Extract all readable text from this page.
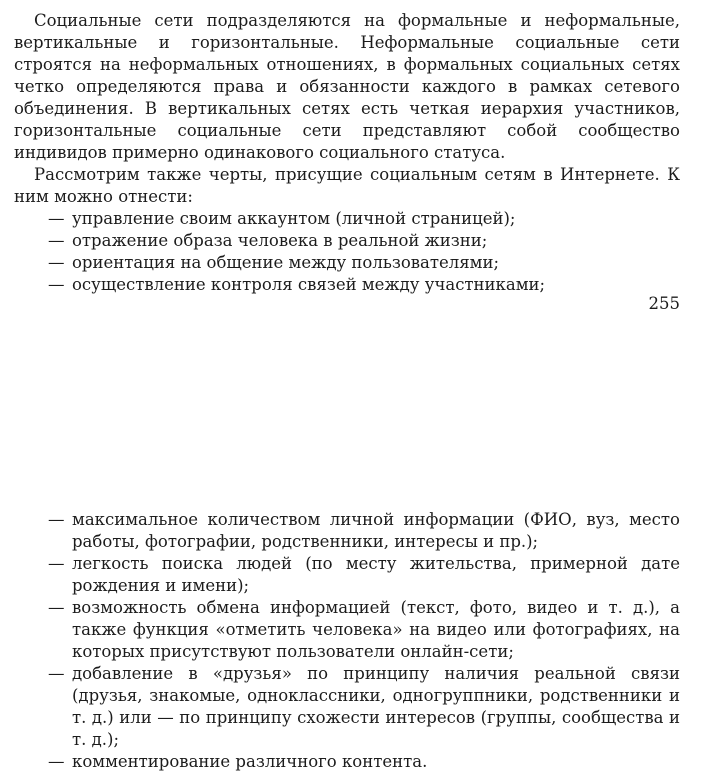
Социальные сети подразделяются на формальные и неформальные, вертикальные и горизонтальные. Неформальные социальные сети строятся на неформальных отношениях, в формальных социальных сетях четко определяются права и обязанности каждого в рамках сетевого объединения. В вертикальных сетях есть четкая иерархия участников, горизонтальные социальные сети представляют собой сообщество индивидов примерно одинакового социального статуса.

Рассмотрим также черты, присущие социальным сетям в Интернете. К ним можно отнести:

— управление своим аккаунтом (личной страницей);
— отражение образа человека в реальной жизни;
— ориентация на общение между пользователями;
— осуществление контроля связей между участниками;
255
— максимальное количеством личной информации (ФИО, вуз, место работы, фотографии, родственники, интересы и пр.);
— легкость поиска людей (по месту жительства, примерной дате рождения и имени);
— возможность обмена информацией (текст, фото, видео и т. д.), а также функция «отметить человека» на видео или фотографиях, на которых присутствуют пользователи онлайн-сети;
— добавление в «друзья» по принципу наличия реальной связи (друзья, знакомые, одноклассники, одногруппники, родственники и т. д.) или — по принципу схожести интересов (группы, сообщества и т. д.);
— комментирование различного контента.
